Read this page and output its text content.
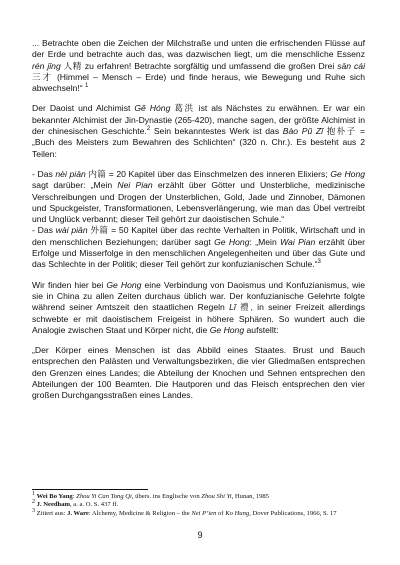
... Betrachte oben die Zeichen der Milchstraße und unten die erfrischenden Flüsse auf der Erde und betrachte auch das, was dazwischen liegt, um die menschliche Essenz rén jīng 人精 zu erfahren! Betrachte sorgfältig und umfassend die großen Drei sān cái 三才 (Himmel – Mensch – Erde) und finde heraus, wie Bewegung und Ruhe sich abwechseln!“ $^1$

Der Daoist und Alchimist Gĕ Hóng 葛洪 ist als Nächstes zu erwähnen. Er war ein bekannter Alchimist der Jin-Dynastie (265-420), manche sagen, der größte Alchimist in der chinesischen Geschichte.$^2$ Sein bekanntestes Werk ist das Bào Pŭ Zĭ 抱朴子 = „Buch des Meisters zum Bewahren des Schlichten“ (320 n. Chr.). Es besteht aus 2 Teilen:

- Das nèi piān 内篇 = 20 Kapitel über das Einschmelzen des inneren Elixiers; Ge Hong sagt darüber: „Mein Nei Pian erzählt über Götter und Unsterbliche, medizinische Verschreibungen und Drogen der Unsterblichen, Gold, Jade und Zinnober, Dämonen und Spuckgeister, Transformationen, Lebensverlängerung, wie man das Übel vertreibt und Unglück verbannt; dieser Teil gehört zur daoistischen Schule.“
- Das wài piān 外篇 = 50 Kapitel über das rechte Verhalten in Politik, Wirtschaft und in den menschlichen Beziehungen; darüber sagt Ge Hong: „Mein Wai Pian erzählt über Erfolge und Misserfolge in den menschlichen Angelegenheiten und über das Gute und das Schlechte in der Politik; dieser Teil gehört zur konfuzianischen Schule.“$^3$

Wir finden hier bei Ge Hong eine Verbindung von Daoismus und Konfuzianismus, wie sie in China zu allen Zeiten durchaus üblich war. Der konfuzianische Gelehrte folgte während seiner Amtszeit den staatlichen Regeln Lĭ 禮, in seiner Freizeit allerdings schwebte er mit daoistischem Freigeist in höhere Sphären. So wundert auch die Analogie zwischen Staat und Körper nicht, die Ge Hong aufstellt:

„Der Körper eines Menschen ist das Abbild eines Staates. Brust und Bauch entsprechen den Palästen und Verwaltungsbezirken, die vier Gliedmaßen entsprechen den Grenzen eines Landes; die Abteilung der Knochen und Sehnen entsprechen den Abteilungen der 100 Beamten. Die Hautporen und das Fleisch entsprechen den vier großen Durchgangsstraßen eines Landes.

$^1$ Wei Bo Yang: Zhou Yi Can Tong Qi, übers. ins Englische von Zhou Shi Yi, Hunan, 1985
$^2$ J. Needham, a. a. O. S. 437 ff.
$^3$ Zitiert aus: J. Ware: Alchemy, Medicine & Religion – the Nei P’ien of Ko Hung, Dover Publications, 1966, S. 17
9
